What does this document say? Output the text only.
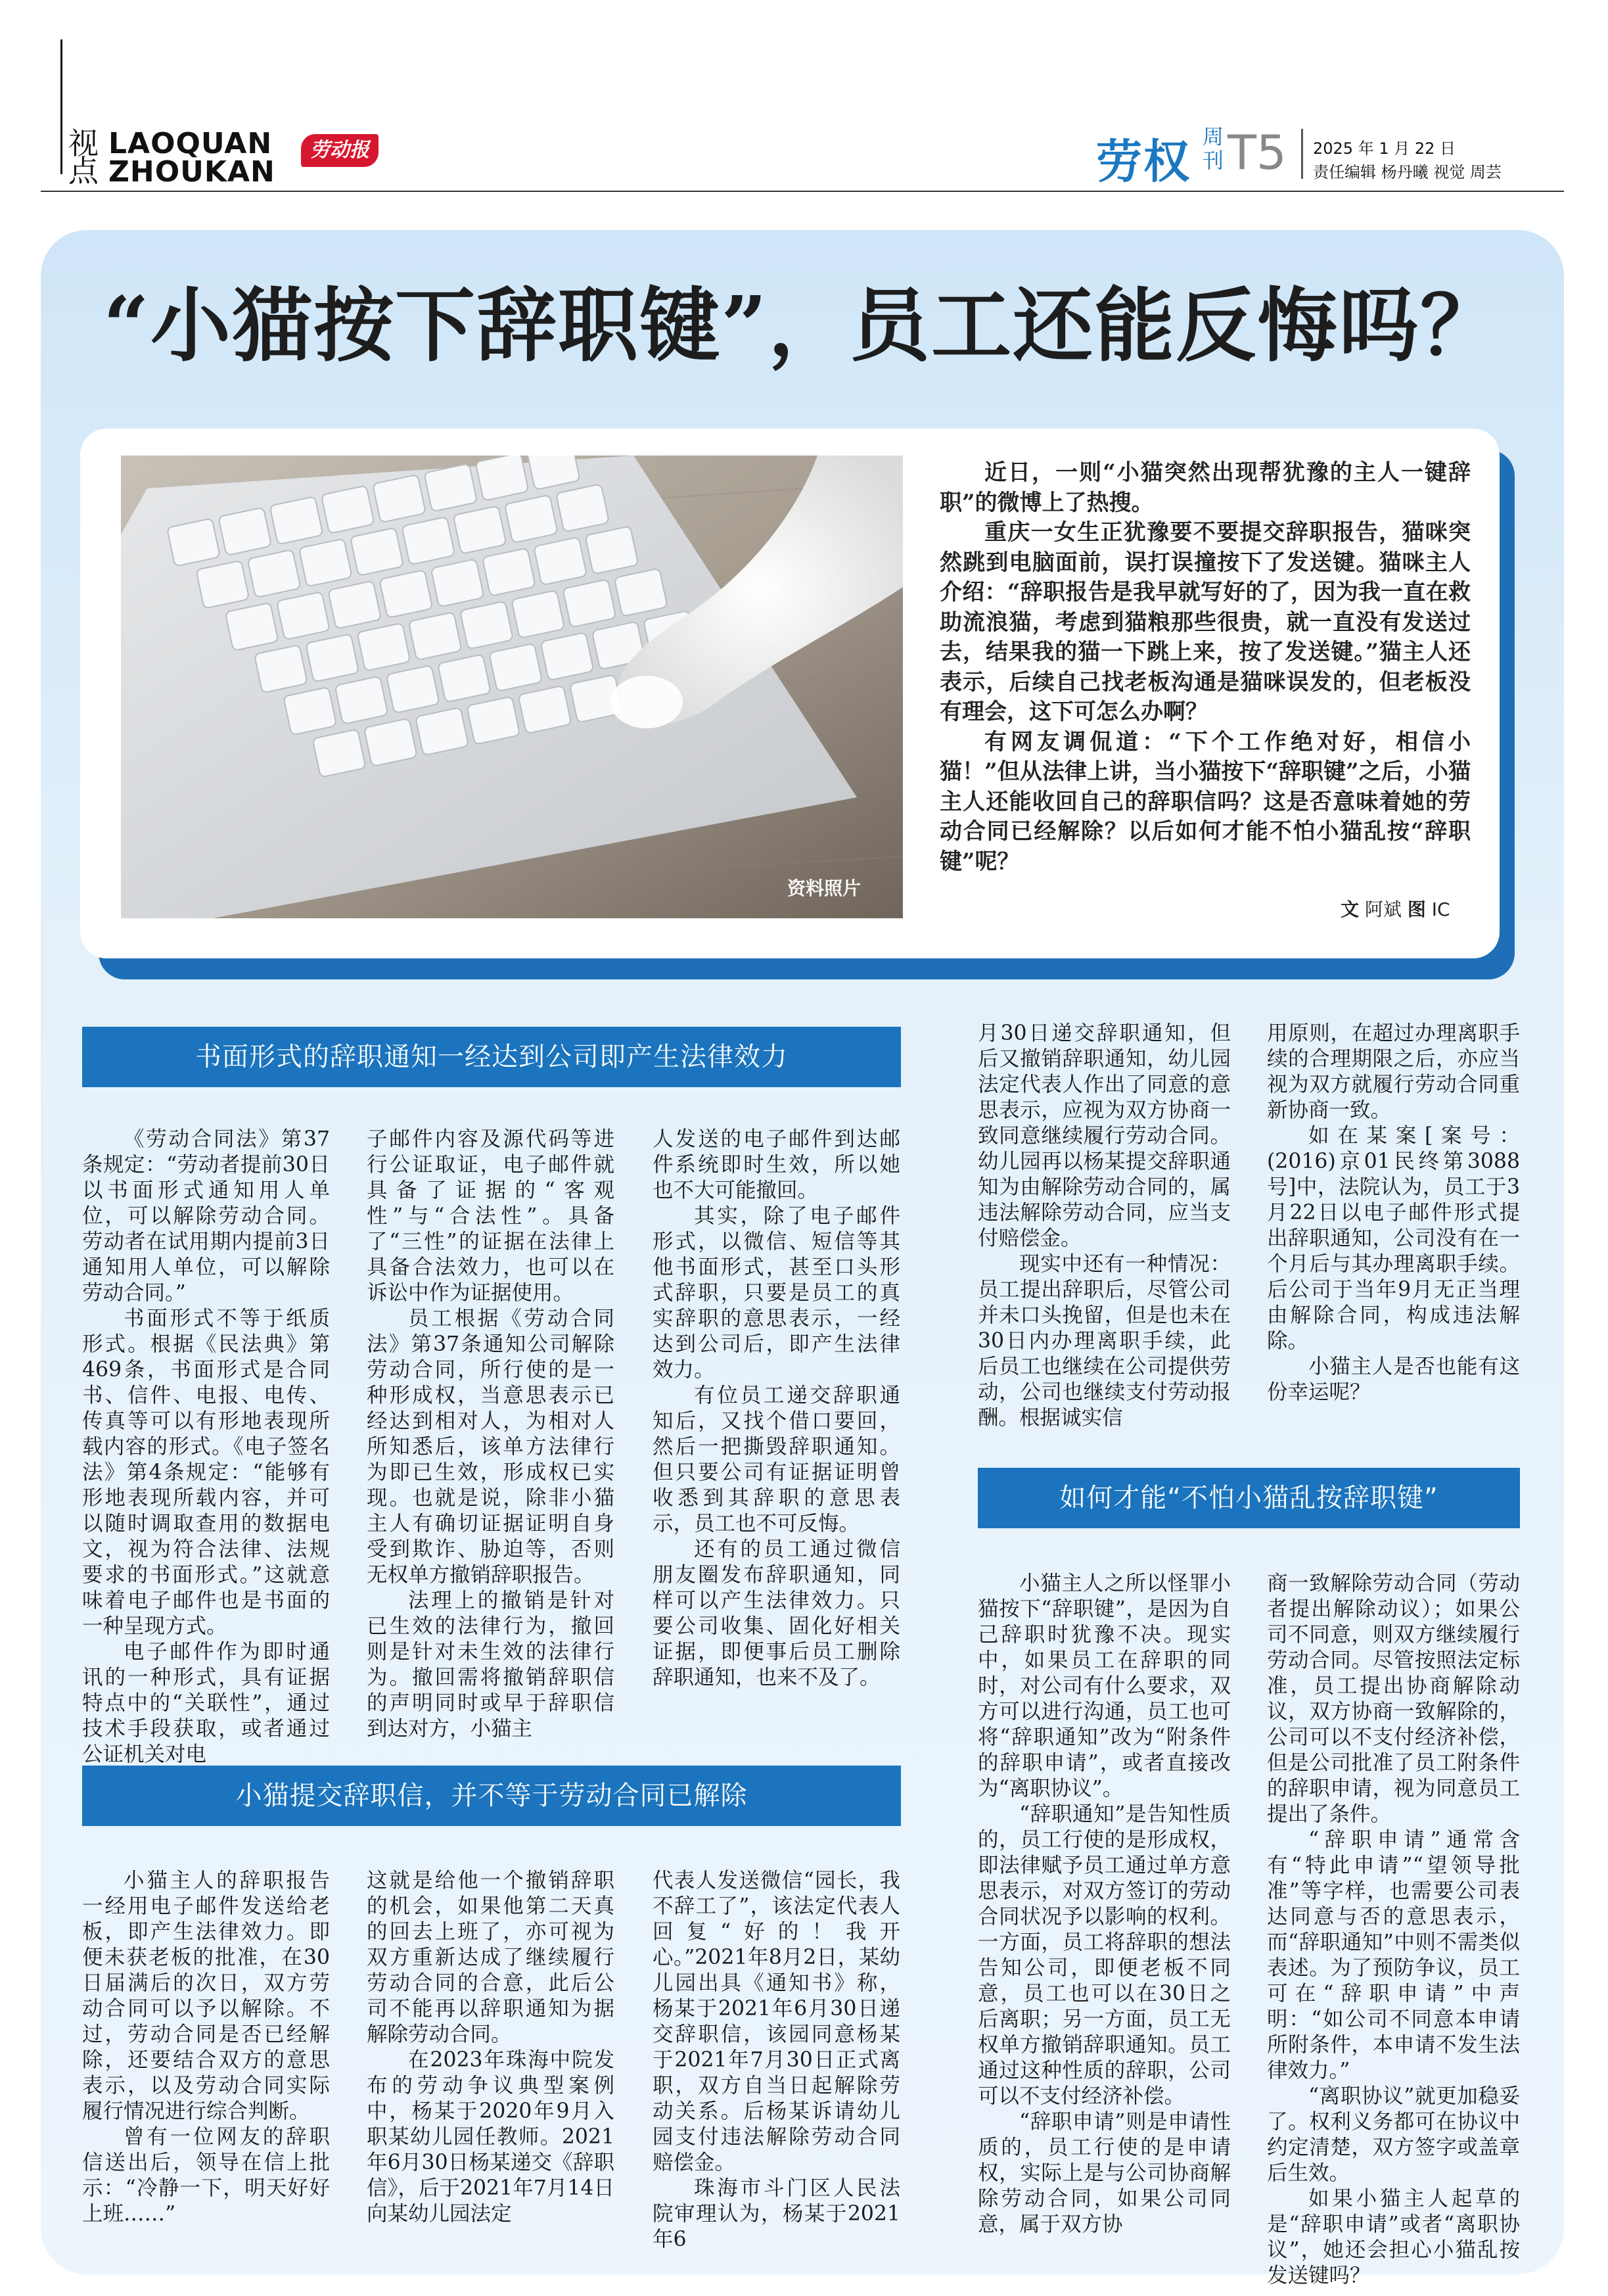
视
点
LAOQUAN
ZHOUKAN
劳动报	劳权 周刊 T5 2025 年 1 月 22 日
责任编辑 杨丹曦 视觉 周芸
“小猫按下辞职键”，员工还能反悔吗？
资料照片

近日，一则“小猫突然出现帮犹豫的主人一键辞职”的微博上了热搜。

重庆一女生正犹豫要不要提交辞职报告，猫咪突然跳到电脑面前，误打误撞按下了发送键。猫咪主人介绍：“辞职报告是我早就写好的了，因为我一直在救助流浪猫，考虑到猫粮那些很贵，就一直没有发送过去，结果我的猫一下跳上来，按了发送键。”猫主人还表示，后续自己找老板沟通是猫咪误发的，但老板没有理会，这下可怎么办啊？

有网友调侃道：“下个工作绝对好，相信小猫！”但从法律上讲，当小猫按下“辞职键”之后，小猫主人还能收回自己的辞职信吗？这是否意味着她的劳动合同已经解除？以后如何才能不怕小猫乱按“辞职键”呢？

文 阿斌 图 IC
书面形式的辞职通知一经达到公司即产生法律效力
小猫提交辞职信，并不等于劳动合同已解除
如何才能“不怕小猫乱按辞职键”

《劳动合同法》第37条规定：“劳动者提前30日以书面形式通知用人单位，可以解除劳动合同。劳动者在试用期内提前3日通知用人单位，可以解除劳动合同。”

书面形式不等于纸质形式。根据《民法典》第469条，书面形式是合同书、信件、电报、电传、传真等可以有形地表现所载内容的形式。《电子签名法》第4条规定：“能够有形地表现所载内容，并可以随时调取查用的数据电文，视为符合法律、法规要求的书面形式。”这就意味着电子邮件也是书面的一种呈现方式。

电子邮件作为即时通讯的一种形式，具有证据特点中的“关联性”，通过技术手段获取，或者通过公证机关对电

子邮件内容及源代码等进行公证取证，电子邮件就具备了证据的“客观性”与“合法性”。具备了“三性”的证据在法律上具备合法效力，也可以在诉讼中作为证据使用。

员工根据《劳动合同法》第37条通知公司解除劳动合同，所行使的是一种形成权，当意思表示已经达到相对人，为相对人所知悉后，该单方法律行为即已生效，形成权已实现。也就是说，除非小猫主人有确切证据证明自身受到欺诈、胁迫等，否则无权单方撤销辞职报告。

法理上的撤销是针对已生效的法律行为，撤回则是针对未生效的法律行为。撤回需将撤销辞职信的声明同时或早于辞职信到达对方，小猫主

人发送的电子邮件到达邮件系统即时生效，所以她也不大可能撤回。

其实，除了电子邮件形式，以微信、短信等其他书面形式，甚至口头形式辞职，只要是员工的真实辞职的意思表示，一经达到公司后，即产生法律效力。

有位员工递交辞职通知后，又找个借口要回，然后一把撕毁辞职通知。但只要公司有证据证明曾收悉到其辞职的意思表示，员工也不可反悔。

还有的员工通过微信朋友圈发布辞职通知，同样可以产生法律效力。只要公司收集、固化好相关证据，即便事后员工删除辞职通知，也来不及了。

小猫主人的辞职报告一经用电子邮件发送给老板，即产生法律效力。即便未获老板的批准，在30日届满后的次日，双方劳动合同可以予以解除。不过，劳动合同是否已经解除，还要结合双方的意思表示，以及劳动合同实际履行情况进行综合判断。

曾有一位网友的辞职信送出后，领导在信上批示：“冷静一下，明天好好上班……”

这就是给他一个撤销辞职的机会，如果他第二天真的回去上班了，亦可视为双方重新达成了继续履行劳动合同的合意，此后公司不能再以辞职通知为据解除劳动合同。

在2023年珠海中院发布的劳动争议典型案例中，杨某于2020年9月入职某幼儿园任教师。2021年6月30日杨某递交《辞职信》，后于2021年7月14日向某幼儿园法定

代表人发送微信“园长，我不辞工了”，该法定代表人回复“好的！我开心。”2021年8月2日，某幼儿园出具《通知书》称，杨某于2021年6月30日递交辞职信，该园同意杨某于2021年7月30日正式离职，双方自当日起解除劳动关系。后杨某诉请幼儿园支付违法解除劳动合同赔偿金。

珠海市斗门区人民法院审理认为，杨某于2021年6

月30日递交辞职通知，但后又撤销辞职通知，幼儿园法定代表人作出了同意的意思表示，应视为双方协商一致同意继续履行劳动合同。幼儿园再以杨某提交辞职通知为由解除劳动合同的，属违法解除劳动合同，应当支付赔偿金。

现实中还有一种情况：员工提出辞职后，尽管公司并未口头挽留，但是也未在30日内办理离职手续，此后员工也继续在公司提供劳动，公司也继续支付劳动报酬。根据诚实信

用原则，在超过办理离职手续的合理期限之后，亦应当视为双方就履行劳动合同重新协商一致。

如在某案[案号：(2016)京01民终第3088号]中，法院认为，员工于3月22日以电子邮件形式提出辞职通知，公司没有在一个月后与其办理离职手续。后公司于当年9月无正当理由解除合同，构成违法解除。

小猫主人是否也能有这份幸运呢？

小猫主人之所以怪罪小猫按下“辞职键”，是因为自己辞职时犹豫不决。现实中，如果员工在辞职的同时，对公司有什么要求，双方可以进行沟通，员工也可将“辞职通知”改为“附条件的辞职申请”，或者直接改为“离职协议”。

“辞职通知”是告知性质的，员工行使的是形成权，即法律赋予员工通过单方意思表示，对双方签订的劳动合同状况予以影响的权利。一方面，员工将辞职的想法告知公司，即便老板不同意，员工也可以在30日之后离职；另一方面，员工无权单方撤销辞职通知。员工通过这种性质的辞职，公司可以不支付经济补偿。

“辞职申请”则是申请性质的，员工行使的是申请权，实际上是与公司协商解除劳动合同，如果公司同意，属于双方协

商一致解除劳动合同（劳动者提出解除动议）；如果公司不同意，则双方继续履行劳动合同。尽管按照法定标准，员工提出协商解除动议，双方协商一致解除的，公司可以不支付经济补偿，但是公司批准了员工附条件的辞职申请，视为同意员工提出了条件。

“辞职申请”通常含有“特此申请”“望领导批准”等字样，也需要公司表达同意与否的意思表示，而“辞职通知”中则不需类似表述。为了预防争议，员工可在“辞职申请”中声明：“如公司不同意本申请所附条件，本申请不发生法律效力。”

“离职协议”就更加稳妥了。权利义务都可在协议中约定清楚，双方签字或盖章后生效。

如果小猫主人起草的是“辞职申请”或者“离职协议”，她还会担心小猫乱按发送键吗？
